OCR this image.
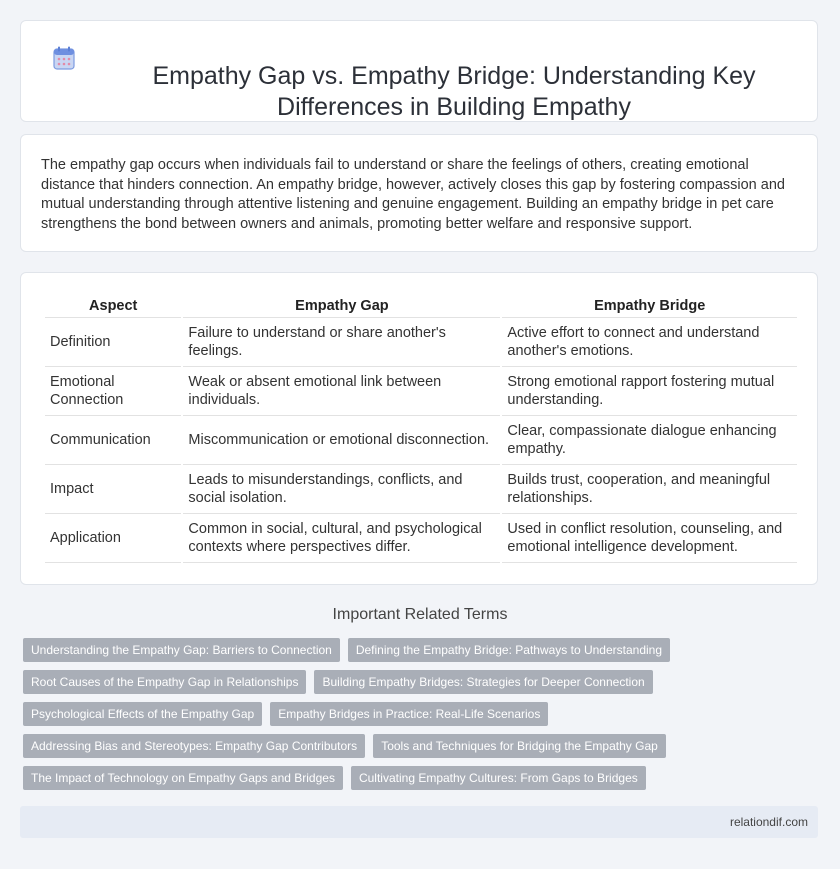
Empathy Gap vs. Empathy Bridge: Understanding Key Differences in Building Empathy

The empathy gap occurs when individuals fail to understand or share the feelings of others, creating emotional distance that hinders connection. An empathy bridge, however, actively closes this gap by fostering compassion and mutual understanding through attentive listening and genuine engagement. Building an empathy bridge in pet care strengthens the bond between owners and animals, promoting better welfare and responsive support.

Aspect	Empathy Gap	Empathy Bridge
Definition	Failure to understand or share another's feelings.	Active effort to connect and understand another's emotions.
Emotional Connection	Weak or absent emotional link between individuals.	Strong emotional rapport fostering mutual understanding.
Communication	Miscommunication or emotional disconnection.	Clear, compassionate dialogue enhancing empathy.
Impact	Leads to misunderstandings, conflicts, and social isolation.	Builds trust, cooperation, and meaningful relationships.
Application	Common in social, cultural, and psychological contexts where perspectives differ.	Used in conflict resolution, counseling, and emotional intelligence development.
Important Related Terms
Understanding the Empathy Gap: Barriers to Connection	Defining the Empathy Bridge: Pathways to Understanding
Root Causes of the Empathy Gap in Relationships	Building Empathy Bridges: Strategies for Deeper Connection
Psychological Effects of the Empathy Gap	Empathy Bridges in Practice: Real-Life Scenarios
Addressing Bias and Stereotypes: Empathy Gap Contributors	Tools and Techniques for Bridging the Empathy Gap
The Impact of Technology on Empathy Gaps and Bridges	Cultivating Empathy Cultures: From Gaps to Bridges
relationdif.com
